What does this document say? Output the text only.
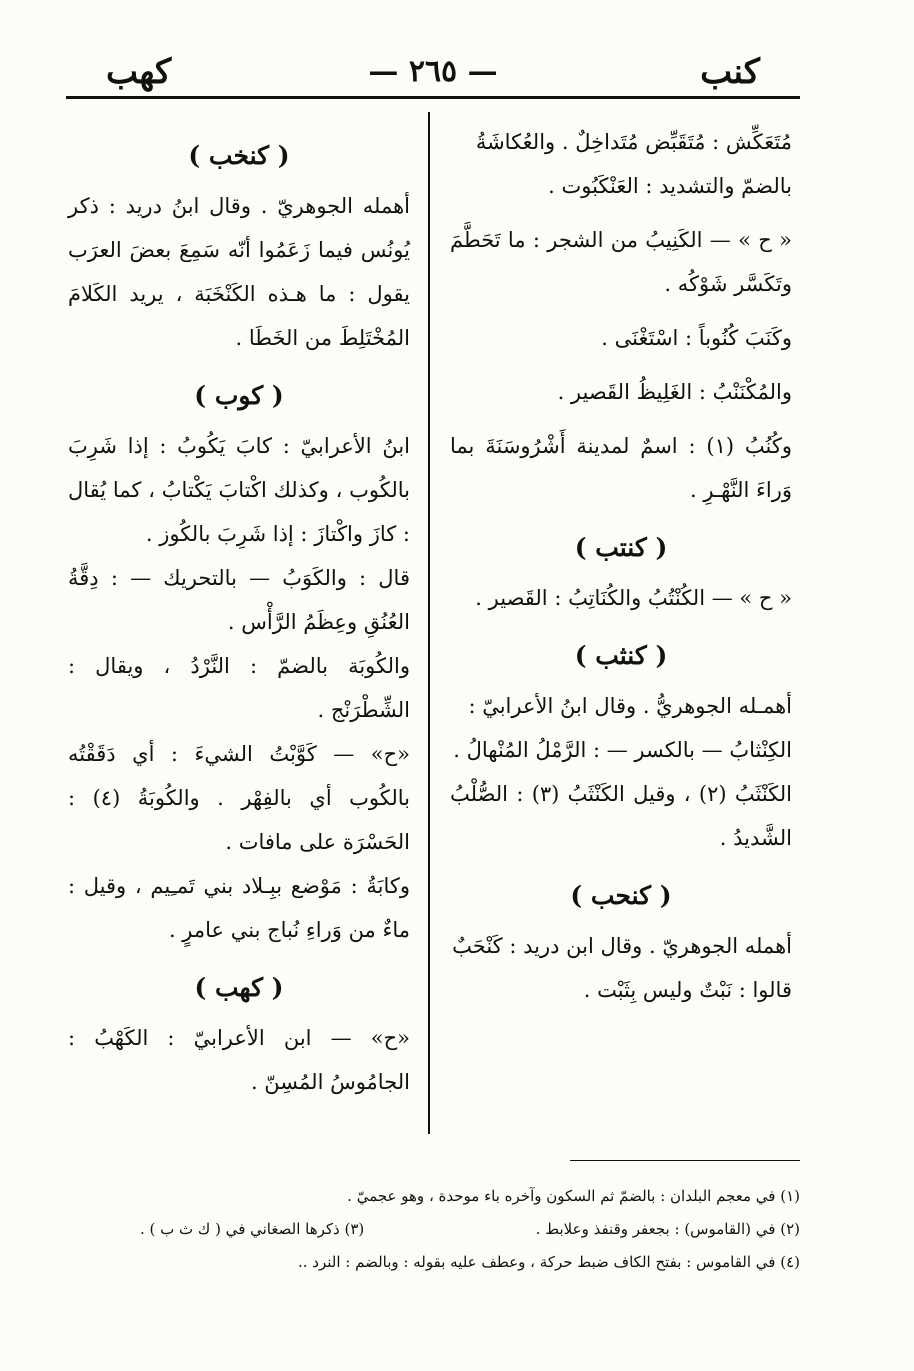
كنب
— ٢٦٥ —
كهب

مُتَعَكِّش : مُتَقَبِّض مُتَداخِلٌ . والعُكاشَةُ

بالضمّ والتشديد : العَنْكَبُوت .

« ح » — الكَنِيبُ من الشجر : ما تَحَطَّمَ وتَكَسَّر شَوْكُه .

وكَنَبَ كُنُوباً : اسْتَغْنَى .

والمُكْنَنْبُ : الغَلِيظُ القَصير .

وكُنُبُ (١) : اسمٌ لمدينة أَشْرُوسَنَةَ بما وَراءَ النَّهْـرِ .

( كنتب )

« ح » — الكُنْتُبُ والكُنَاتِبُ : القَصير .

( كنثب )

أهمـله الجوهريُّ . وقال ابنُ الأعرابيّ :

الكِنْثابُ — بالكسر — : الرَّمْلُ المُنْهالُ .

الكَنْثَبُ (٢) ، وقيل الكَنْثَبُ (٣) : الصُّلْبُ الشَّديدُ .

( كنحب )

أهمله الجوهريّ . وقال ابن دريد : كَنْحَبٌ

قالوا : نَبْتٌ وليس بِثَبْت .

( كنخب )

أهمله الجوهريّ . وقال ابنُ دريد : ذكر يُونُس فيما زَعَمُوا أنّه سَمِعَ بعضَ العرَب يقول : ما هـذه الكَنْخَبَة ، يريد الكَلامَ المُخْتَلِطَ من الخَطَا .

( كوب )

ابنُ الأعرابيّ : كابَ يَكُوبُ : إذا شَرِبَ بالكُوب ، وكذلك اكْتابَ يَكْتابُ ، كما يُقال : كازَ واكْتازَ : إذا شَرِبَ بالكُوز .

قال : والكَوَبُ — بالتحريك — : دِقَّةُ العُنُقِ وعِظَمُ الرَّأْس .

والكُوبَة بالضمّ : النَّرْدُ ، ويقال : الشِّطْرَنْج .

«ح» — كَوَّبْتُ الشيءَ : أي دَقَقْتُه بالكُوب أي بالفِهْر . والكُوبَةُ (٤) : الحَسْرَة على مافات .

وكابَةُ : مَوْضع ببِـلاد بني تَمـِيم ، وقيل : ماءٌ من وَراءِ نُباج بني عامرٍ .

( كهب )

«ح» — ابن الأعرابيّ : الكَهْبُ : الجامُوسُ المُسِنّ .

(١) في معجم البلدان : بالضمّ ثم السكون وآخره باء موحدة ، وهو عجميّ .
(٢) في (القاموس) : بجعفر وقنفذ وعلابط .
(٣) ذكرها الصغاني في ( ك ث ب ) .
(٤) في القاموس : بفتح الكاف ضبط حركة ، وعطف عليه بقوله : وبالضم : النرد ..
